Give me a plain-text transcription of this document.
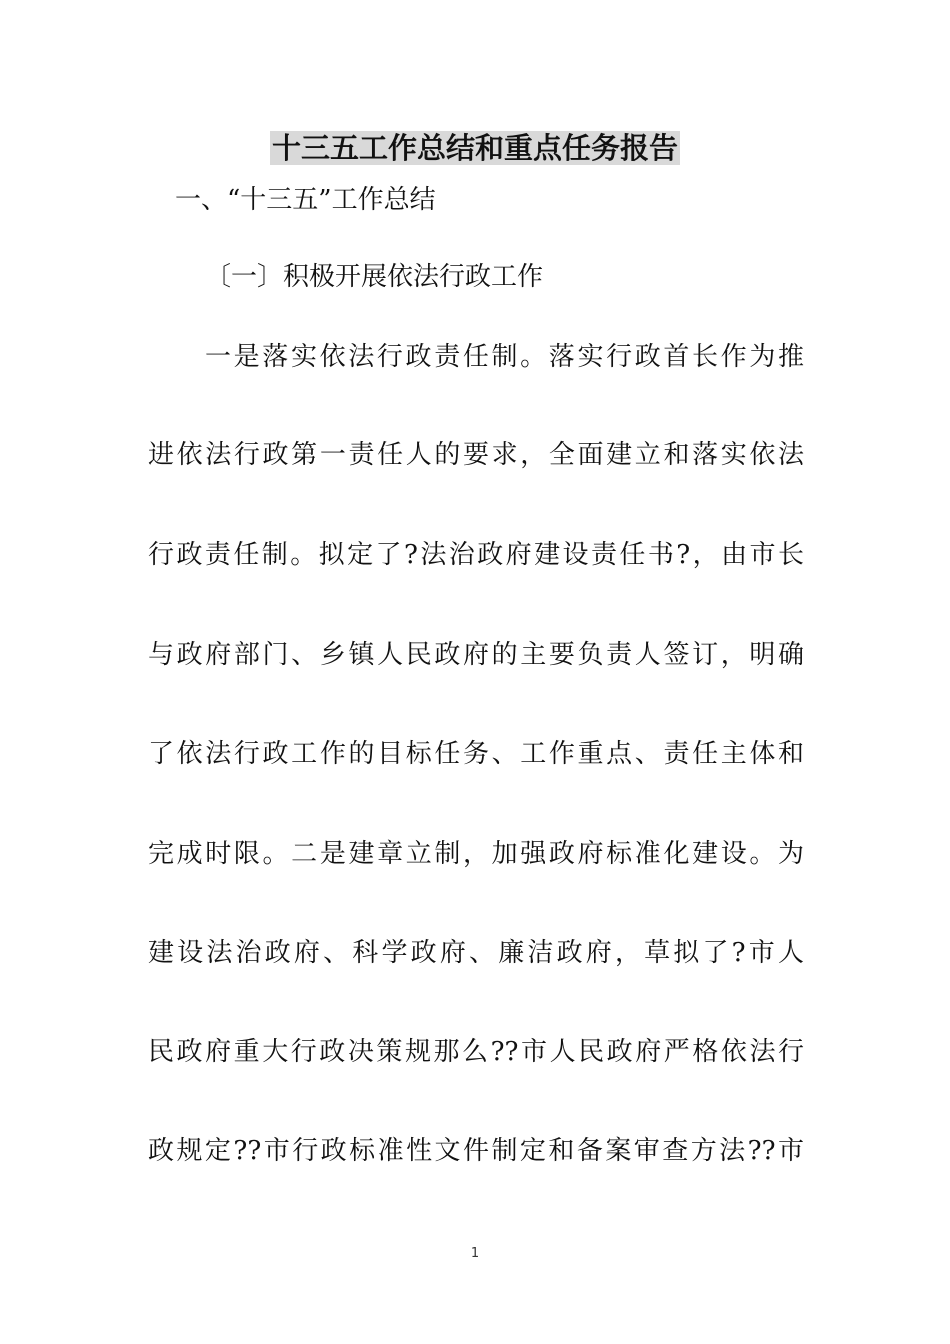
十三五工作总结和重点任务报告
一、“十三五”工作总结
〔一〕积极开展依法行政工作
一是落实依法行政责任制。落实行政首长作为推
进依法行政第一责任人的要求，全面建立和落实依法
行政责任制。拟定了?法治政府建设责任书?，由市长
与政府部门、乡镇人民政府的主要负责人签订，明确
了依法行政工作的目标任务、工作重点、责任主体和
完成时限。二是建章立制，加强政府标准化建设。为
建设法治政府、科学政府、廉洁政府，草拟了?市人
民政府重大行政决策规那么??市人民政府严格依法行
政规定??市行政标准性文件制定和备案审查方法??市
1
